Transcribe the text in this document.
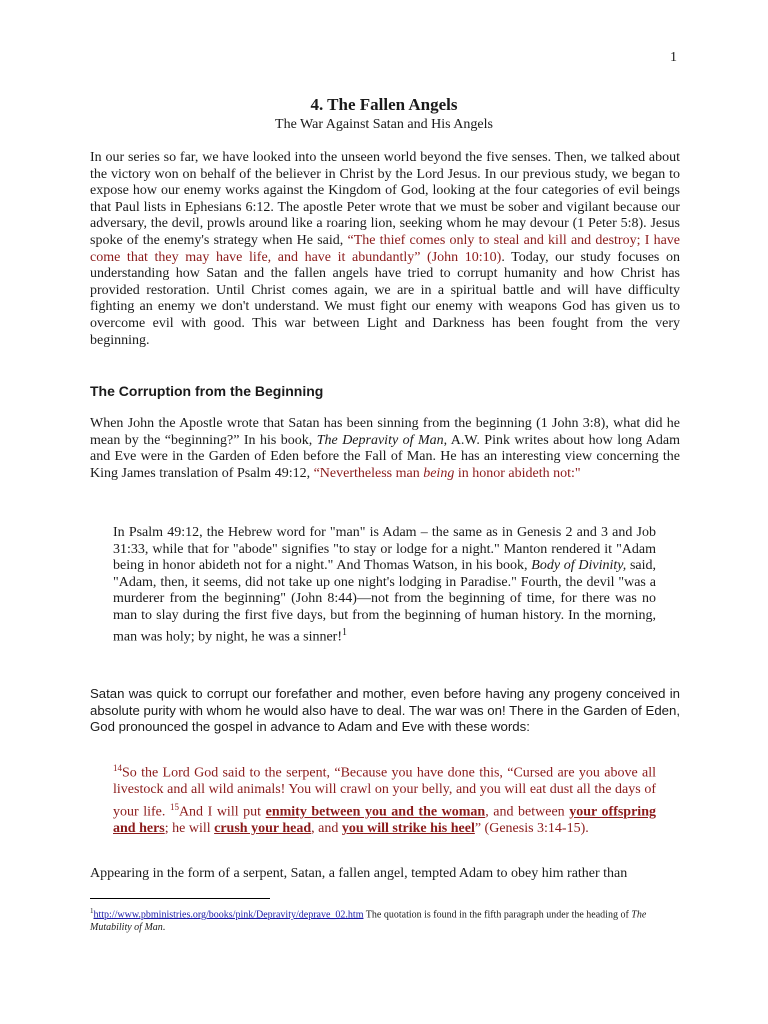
1
4. The Fallen Angels
The War Against Satan and His Angels
In our series so far, we have looked into the unseen world beyond the five senses. Then, we talked about the victory won on behalf of the believer in Christ by the Lord Jesus. In our previous study, we began to expose how our enemy works against the Kingdom of God, looking at the four categories of evil beings that Paul lists in Ephesians 6:12. The apostle Peter wrote that we must be sober and vigilant because our adversary, the devil, prowls around like a roaring lion, seeking whom he may devour (1 Peter 5:8). Jesus spoke of the enemy's strategy when He said, “The thief comes only to steal and kill and destroy; I have come that they may have life, and have it abundantly” (John 10:10). Today, our study focuses on understanding how Satan and the fallen angels have tried to corrupt humanity and how Christ has provided restoration. Until Christ comes again, we are in a spiritual battle and will have difficulty fighting an enemy we don't understand. We must fight our enemy with weapons God has given us to overcome evil with good. This war between Light and Darkness has been fought from the very beginning.
The Corruption from the Beginning
When John the Apostle wrote that Satan has been sinning from the beginning (1 John 3:8), what did he mean by the “beginning?” In his book, The Depravity of Man, A.W. Pink writes about how long Adam and Eve were in the Garden of Eden before the Fall of Man. He has an interesting view concerning the King James translation of Psalm 49:12, “Nevertheless man being in honor abideth not:"
In Psalm 49:12, the Hebrew word for "man" is Adam – the same as in Genesis 2 and 3 and Job 31:33, while that for "abode" signifies "to stay or lodge for a night." Manton rendered it "Adam being in honor abideth not for a night." And Thomas Watson, in his book, Body of Divinity, said, "Adam, then, it seems, did not take up one night's lodging in Paradise." Fourth, the devil "was a murderer from the beginning" (John 8:44)—not from the beginning of time, for there was no man to slay during the first five days, but from the beginning of human history. In the morning, man was holy; by night, he was a sinner!$^1$
Satan was quick to corrupt our forefather and mother, even before having any progeny conceived in absolute purity with whom he would also have to deal. The war was on! There in the Garden of Eden, God pronounced the gospel in advance to Adam and Eve with these words:
$^{14}$So the Lord God said to the serpent, “Because you have done this, “Cursed are you above all livestock and all wild animals! You will crawl on your belly, and you will eat dust all the days of your life. $^{15}$And I will put enmity between you and the woman, and between your offspring and hers; he will crush your head, and you will strike his heel” (Genesis 3:14-15).
Appearing in the form of a serpent, Satan, a fallen angel, tempted Adam to obey him rather than
$^1$http://www.pbministries.org/books/pink/Depravity/deprave_02.htm The quotation is found in the fifth paragraph under the heading of The Mutability of Man.
